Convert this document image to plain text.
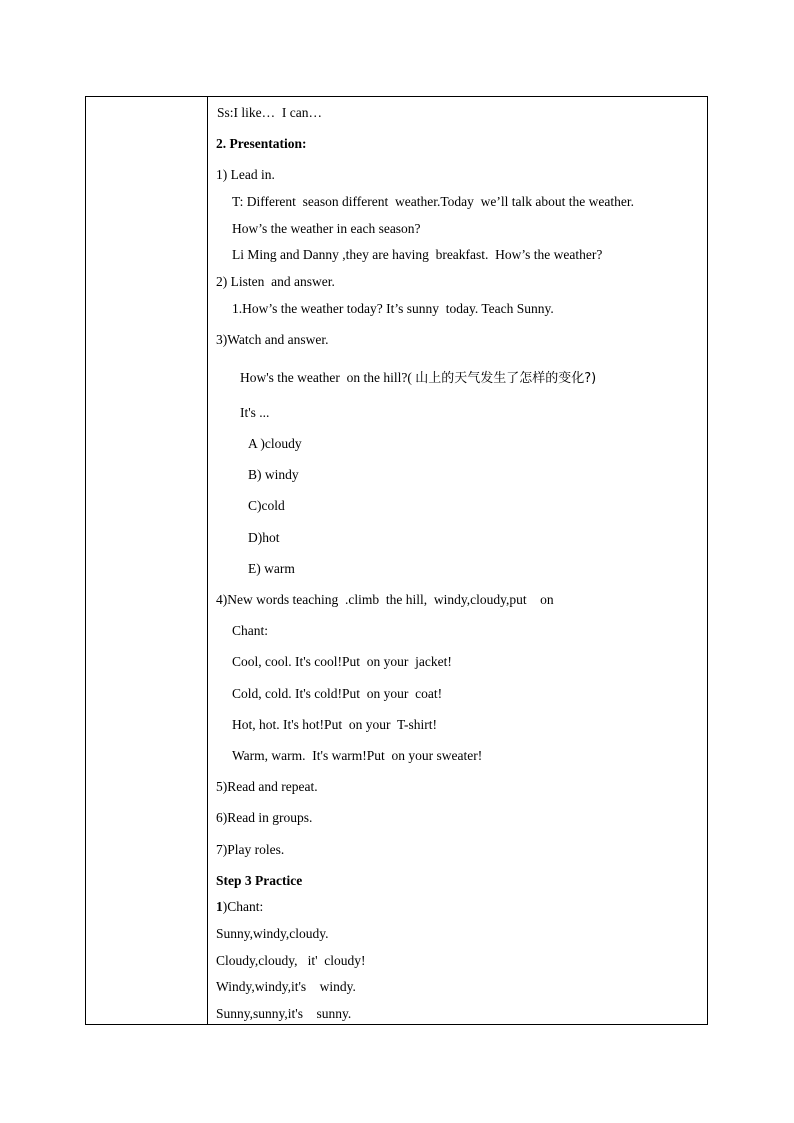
Ss:I like…  I can…
2. Presentation:
1) Lead in.
T: Different  season different  weather.Today  we’ll talk about the weather.
How’s the weather in each season?
Li Ming and Danny ,they are having  breakfast.  How’s the weather?
2) Listen  and answer.
1.How’s the weather today? It’s sunny  today. Teach Sunny.
3)Watch and answer.
How's the weather  on the hill?( 山上的天气发生了怎样的变化?)
It's ...
A )cloudy
B) windy
C)cold
D)hot
E) warm
4)New words teaching  .climb  the hill,  windy,cloudy,put    on
Chant:
Cool, cool. It's cool!Put  on your  jacket!
Cold, cold. It's cold!Put  on your  coat!
Hot, hot. It's hot!Put  on your  T-shirt!
Warm, warm.  It's warm!Put  on your sweater!
5)Read and repeat.
6)Read in groups.
7)Play roles.
Step 3 Practice
1)Chant:
Sunny,windy,cloudy.
Cloudy,cloudy,   it'  cloudy!
Windy,windy,it's    windy.
Sunny,sunny,it's    sunny.
